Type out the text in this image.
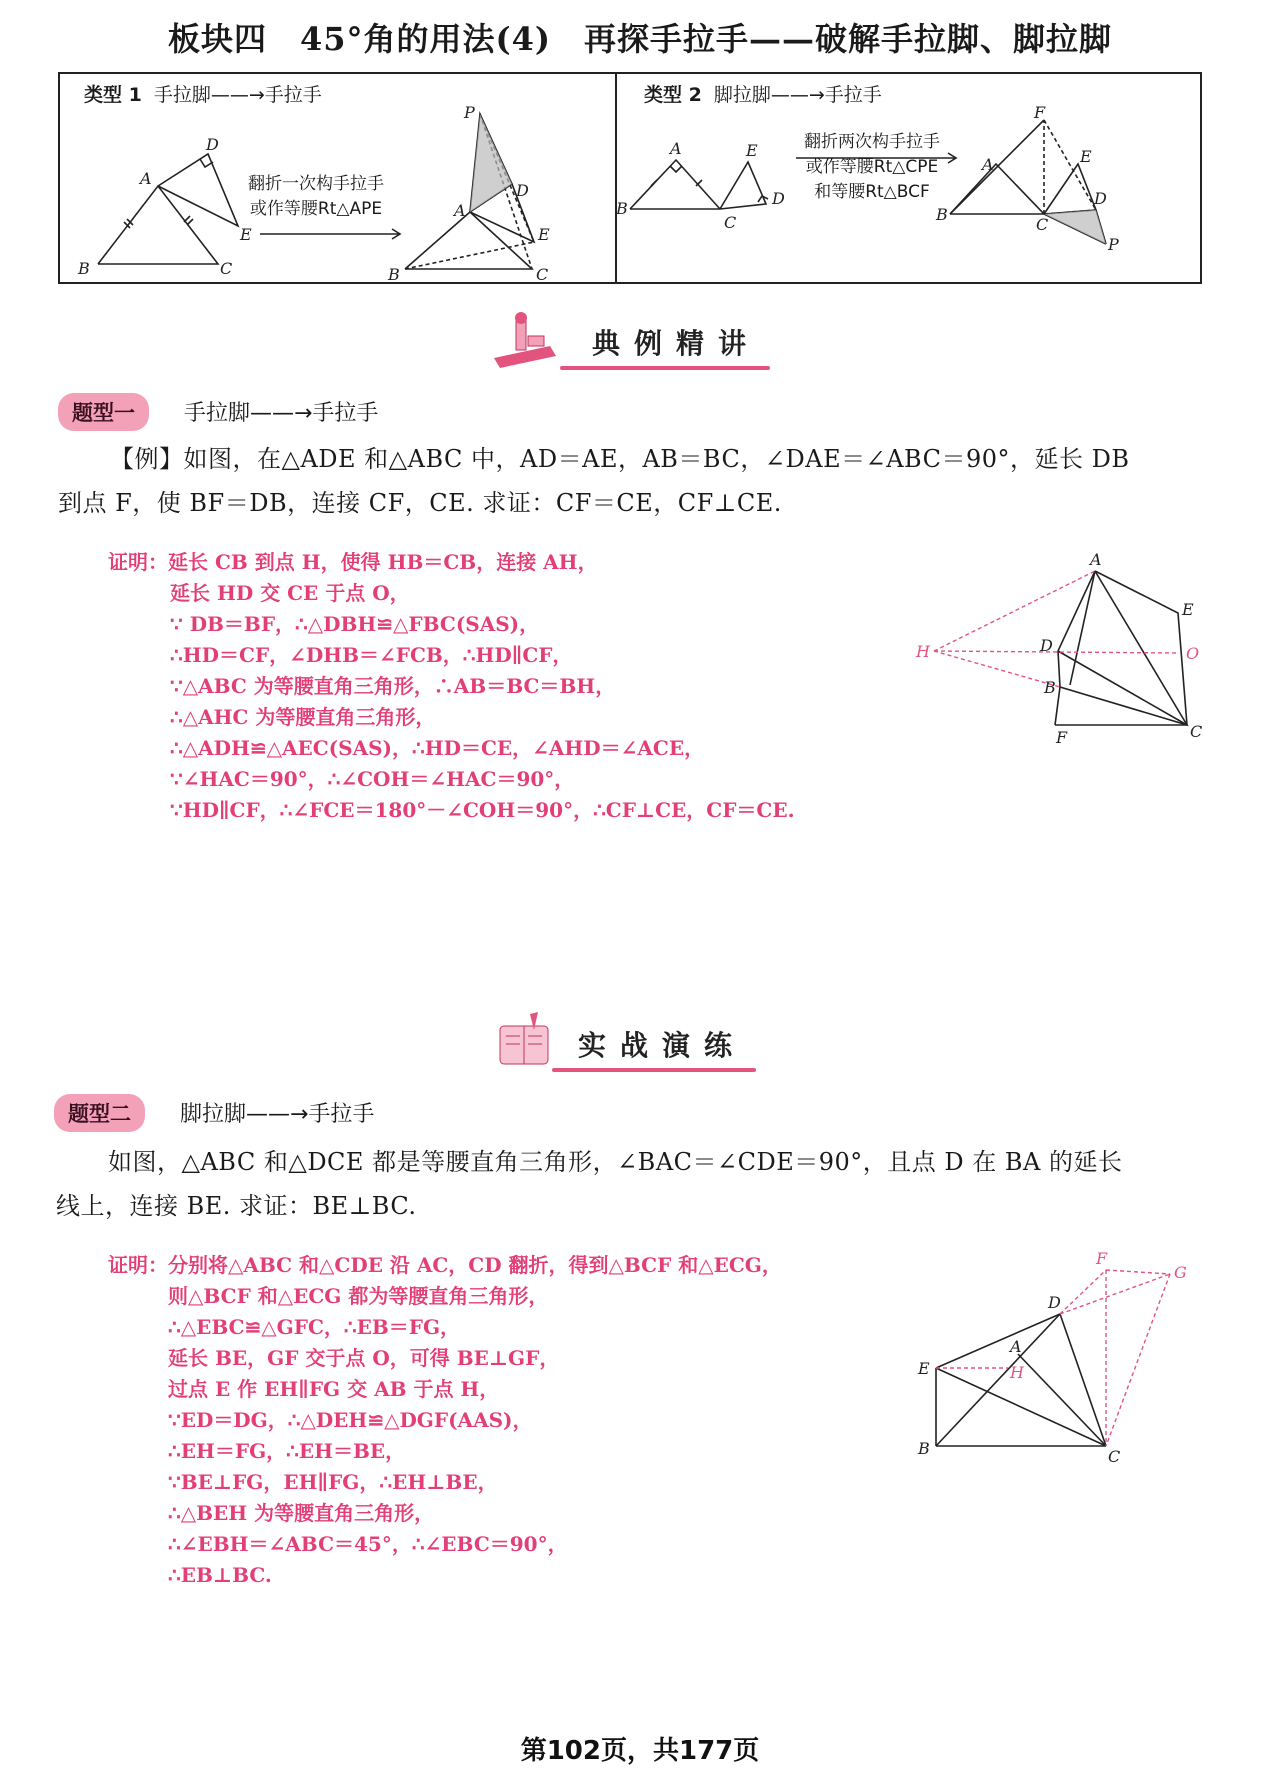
板块四　45°角的用法(4)　再探手拉手——破解手拉脚、脚拉脚
类型 1 手拉脚——→手拉手
B	C
A
D
E
B	C
A
P
D
E
翻折一次构手拉手
或作等腰Rt△APE
类型 2 脚拉脚——→手拉手
B
A
C
E
D
B
A
C
F
E
D
P
翻折两次构手拉手
或作等腰Rt△CPE
和等腰Rt△BCF
典例精讲
题型一	手拉脚——→手拉手
【例】如图，在△ADE 和△ABC 中，AD＝AE，AB＝BC，∠DAE＝∠ABC＝90°，延长 DB
到点 F，使 BF＝DB，连接 CF，CE. 求证：CF＝CE，CF⊥CE.
证明：延长 CB 到点 H，使得 HB＝CB，连接 AH，
延长 HD 交 CE 于点 O，
∵ DB＝BF，∴△DBH≌△FBC(SAS)，
∴HD＝CF，∠DHB＝∠FCB，∴HD∥CF，
∵△ABC 为等腰直角三角形，∴AB＝BC＝BH，
∴△AHC 为等腰直角三角形，
∴△ADH≌△AEC(SAS)，∴HD＝CE，∠AHD＝∠ACE，
∵∠HAC＝90°，∴∠COH＝∠HAC＝90°，
∵HD∥CF，∴∠FCE＝180°－∠COH＝90°，∴CF⊥CE，CF＝CE.
A
E
D
B
F	C
H	O
实战演练
题型二	脚拉脚——→手拉手
如图，△ABC 和△DCE 都是等腰直角三角形，∠BAC＝∠CDE＝90°，且点 D 在 BA 的延长
线上，连接 BE. 求证：BE⊥BC.
证明：分别将△ABC 和△CDE 沿 AC，CD 翻折，得到△BCF 和△ECG，
则△BCF 和△ECG 都为等腰直角三角形，
∴△EBC≌△GFC，∴EB＝FG，
延长 BE，GF 交于点 O，可得 BE⊥GF，
过点 E 作 EH∥FG 交 AB 于点 H，
∵ED＝DG，∴△DEH≌△DGF(AAS)，
∴EH＝FG，∴EH＝BE，
∵BE⊥FG，EH∥FG，∴EH⊥BE，
∴△BEH 为等腰直角三角形，
∴∠EBH＝∠ABC＝45°，∴∠EBC＝90°，
∴EB⊥BC.
E
B	C
D
A
F
G
H
第102页，共177页
